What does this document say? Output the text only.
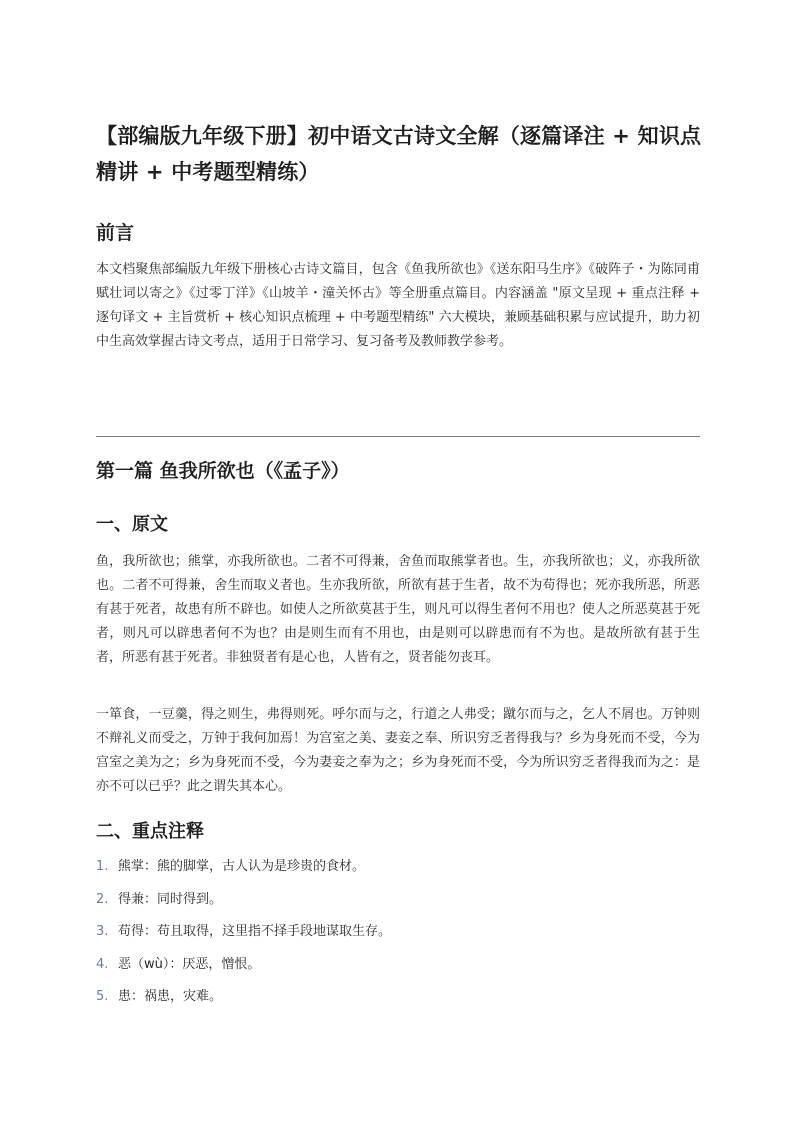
【部编版九年级下册】初中语文古诗文全解（逐篇译注 + 知识点精讲 + 中考题型精练）
前言

本文档聚焦部编版九年级下册核心古诗文篇目，包含《鱼我所欲也》《送东阳马生序》《破阵子・为陈同甫赋壮词以寄之》《过零丁洋》《山坡羊・潼关怀古》等全册重点篇目。内容涵盖 "原文呈现 + 重点注释 + 逐句译文 + 主旨赏析 + 核心知识点梳理 + 中考题型精练" 六大模块，兼顾基础积累与应试提升，助力初中生高效掌握古诗文考点，适用于日常学习、复习备考及教师教学参考。

第一篇 鱼我所欲也（《孟子》）
一、原文

鱼，我所欲也；熊掌，亦我所欲也。二者不可得兼，舍鱼而取熊掌者也。生，亦我所欲也；义，亦我所欲也。二者不可得兼，舍生而取义者也。生亦我所欲，所欲有甚于生者，故不为苟得也；死亦我所恶，所恶有甚于死者，故患有所不辟也。如使人之所欲莫甚于生，则凡可以得生者何不用也？使人之所恶莫甚于死者，则凡可以辟患者何不为也？由是则生而有不用也，由是则可以辟患而有不为也。是故所欲有甚于生者，所恶有甚于死者。非独贤者有是心也，人皆有之，贤者能勿丧耳。

一箪食，一豆羹，得之则生，弗得则死。呼尔而与之，行道之人弗受；蹴尔而与之，乞人不屑也。万钟则不辩礼义而受之，万钟于我何加焉！为宫室之美、妻妾之奉、所识穷乏者得我与？乡为身死而不受，今为宫室之美为之；乡为身死而不受，今为妻妾之奉为之；乡为身死而不受，今为所识穷乏者得我而为之：是亦不可以已乎？此之谓失其本心。

二、重点注释
1. 熊掌：熊的脚掌，古人认为是珍贵的食材。
2. 得兼：同时得到。
3. 苟得：苟且取得，这里指不择手段地谋取生存。
4. 恶（wù）：厌恶，憎恨。
5. 患：祸患，灾难。
